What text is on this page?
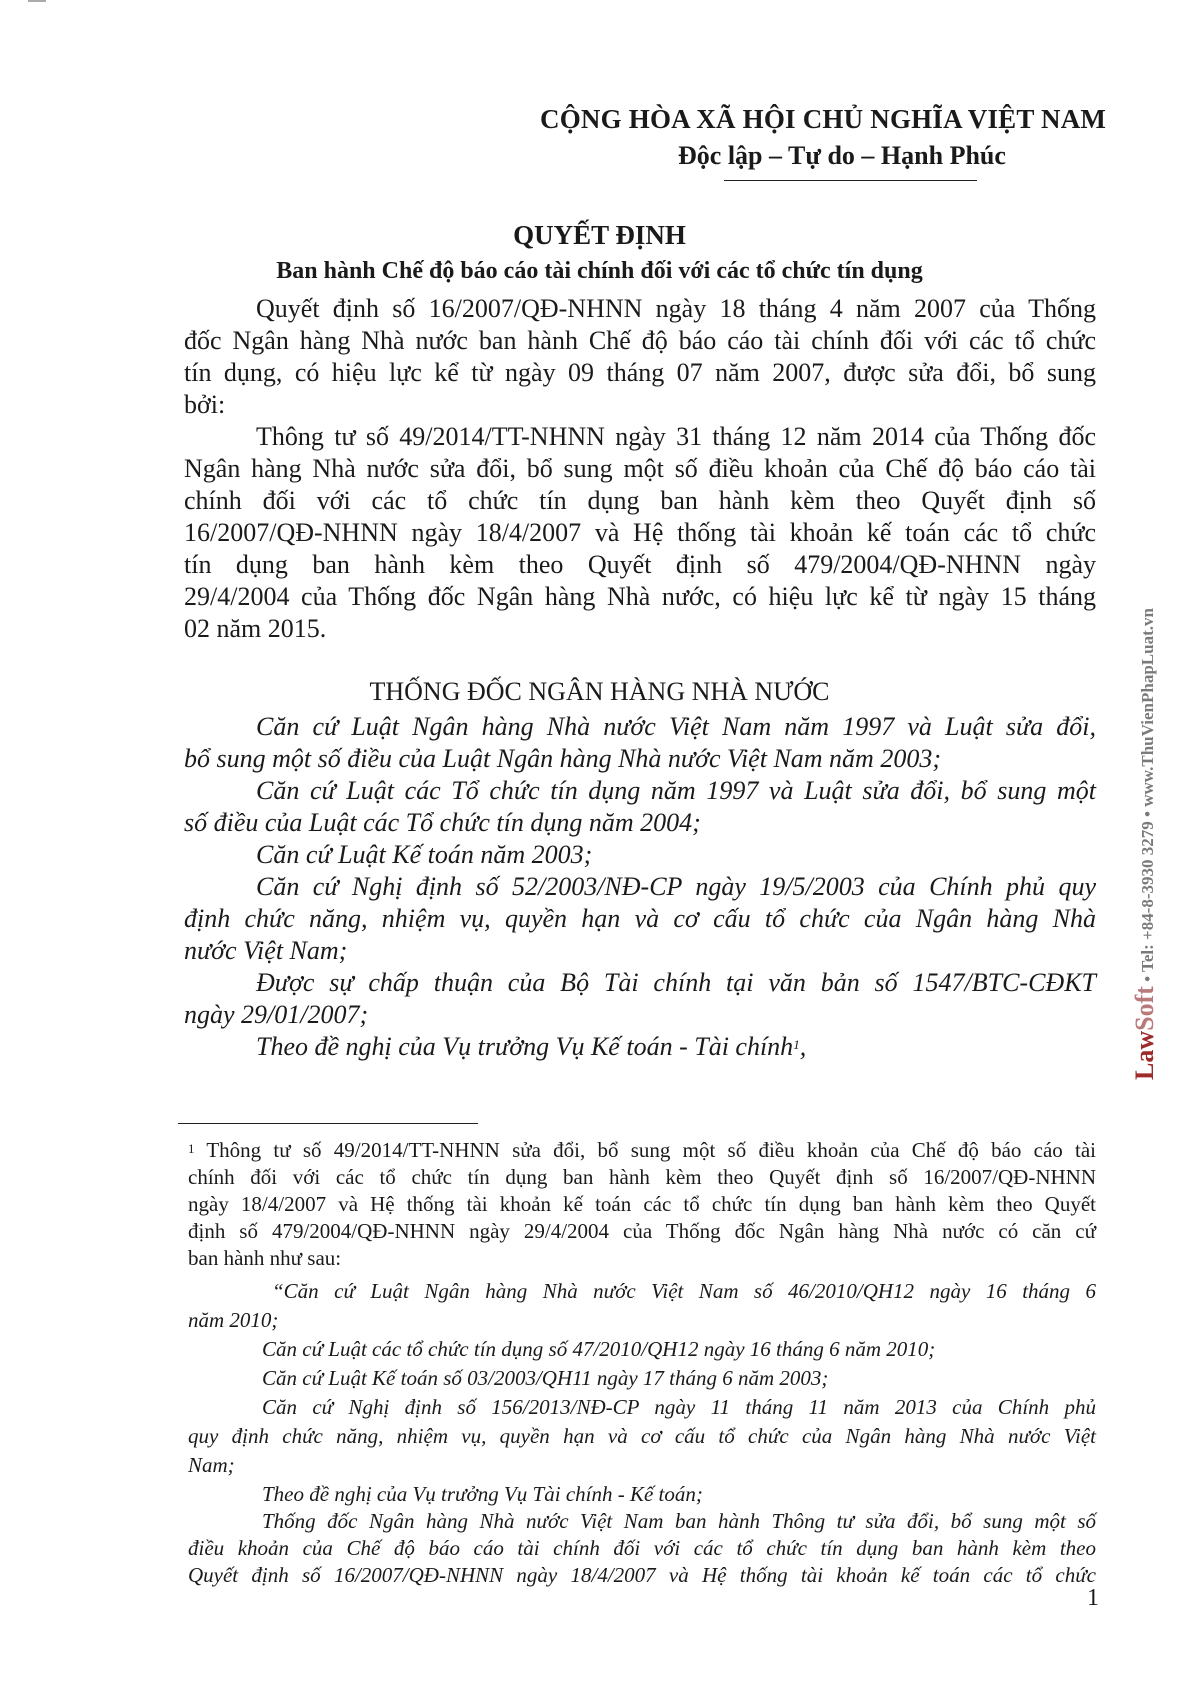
CỘNG HÒA XÃ HỘI CHỦ NGHĨA VIỆT NAM
Độc lập – Tự do – Hạnh Phúc
QUYẾT ĐỊNH
Ban hành Chế độ báo cáo tài chính đối với các tổ chức tín dụng
Quyết định số 16/2007/QĐ-NHNN ngày 18 tháng 4 năm 2007 của Thống
đốc Ngân hàng Nhà nước ban hành Chế độ báo cáo tài chính đối với các tổ chức
tín dụng, có hiệu lực kể từ ngày 09 tháng 07 năm 2007, được sửa đổi, bổ sung
bởi:
Thông tư số 49/2014/TT-NHNN ngày 31 tháng 12 năm 2014 của Thống đốc
Ngân hàng Nhà nước sửa đổi, bổ sung một số điều khoản của Chế độ báo cáo tài
chính đối với các tổ chức tín dụng ban hành kèm theo Quyết định số
16/2007/QĐ-NHNN ngày 18/4/2007 và Hệ thống tài khoản kế toán các tổ chức
tín dụng ban hành kèm theo Quyết định số 479/2004/QĐ-NHNN ngày
29/4/2004 của Thống đốc Ngân hàng Nhà nước, có hiệu lực kể từ ngày 15 tháng
02 năm 2015.
THỐNG ĐỐC NGÂN HÀNG NHÀ NƯỚC
Căn cứ Luật Ngân hàng Nhà nước Việt Nam năm 1997 và Luật sửa đổi,
bổ sung một số điều của Luật Ngân hàng Nhà nước Việt Nam năm 2003;
Căn cứ Luật các Tổ chức tín dụng năm 1997 và Luật sửa đổi, bổ sung một
số điều của Luật các Tổ chức tín dụng năm 2004;
Căn cứ Luật Kế toán năm 2003;
Căn cứ Nghị định số 52/2003/NĐ-CP ngày 19/5/2003 của Chính phủ quy
định chức năng, nhiệm vụ, quyền hạn và cơ cấu tổ chức của Ngân hàng Nhà
nước Việt Nam;
Được sự chấp thuận của Bộ Tài chính tại văn bản số 1547/BTC-CĐKT
ngày 29/01/2007;
Theo đề nghị của Vụ trưởng Vụ Kế toán - Tài chính$^1$,
$^1$ Thông tư số 49/2014/TT-NHNN sửa đổi, bổ sung một số điều khoản của Chế độ báo cáo tài
chính đối với các tổ chức tín dụng ban hành kèm theo Quyết định số 16/2007/QĐ-NHNN
ngày 18/4/2007 và Hệ thống tài khoản kế toán các tổ chức tín dụng ban hành kèm theo Quyết
định số 479/2004/QĐ-NHNN ngày 29/4/2004 của Thống đốc Ngân hàng Nhà nước có căn cứ
ban hành như sau:
“Căn cứ Luật Ngân hàng Nhà nước Việt Nam số 46/2010/QH12 ngày 16 tháng 6
năm 2010;
Căn cứ Luật các tổ chức tín dụng số 47/2010/QH12 ngày 16 tháng 6 năm 2010;
Căn cứ Luật Kế toán số 03/2003/QH11 ngày 17 tháng 6 năm 2003;
Căn cứ Nghị định số 156/2013/NĐ-CP ngày 11 tháng 11 năm 2013 của Chính phủ
quy định chức năng, nhiệm vụ, quyền hạn và cơ cấu tổ chức của Ngân hàng Nhà nước Việt
Nam;
Theo đề nghị của Vụ trưởng Vụ Tài chính - Kế toán;
Thống đốc Ngân hàng Nhà nước Việt Nam ban hành Thông tư sửa đổi, bổ sung một số
điều khoản của Chế độ báo cáo tài chính đối với các tổ chức tín dụng ban hành kèm theo
Quyết định số 16/2007/QĐ-NHNN ngày 18/4/2007 và Hệ thống tài khoản kế toán các tổ chức
1
LawSoft • Tel: +84-8-3930 3279 • www.ThuVienPhapLuat.vn
